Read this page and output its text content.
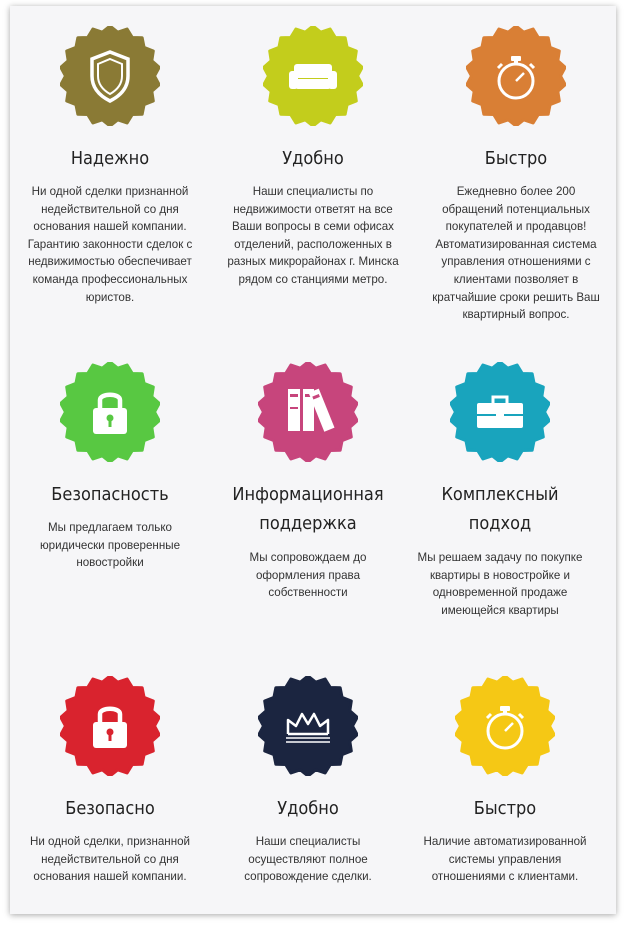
Надежно
Ни одной сделки признанной недействительной со дня основания нашей компании. Гарантию законности сделок с недвижимостью обеспечивает команда профессиональных юристов.
Удобно
Наши специалисты по недвижимости ответят на все Ваши вопросы в семи офисах отделений, расположенных в разных микрорайонах г. Минска рядом со станциями метро.
Быстро
Ежедневно более 200 обращений потенциальных покупателей и продавцов! Автоматизированная система управления отношениями с клиентами позволяет в кратчайшие сроки решить Ваш квартирный вопрос.
Безопасность
Мы предлагаем только юридически проверенные новостройки
Информационная поддержка
Мы сопровождаем до оформления права собственности
Комплексный подход
Мы решаем задачу по покупке квартиры в новостройке и одновременной продаже имеющейся квартиры
Безопасно
Ни одной сделки, признанной недействительной со дня основания нашей компании.
Удобно
Наши специалисты осуществляют полное сопровождение сделки.
Быстро
Наличие автоматизированной системы управления отношениями с клиентами.
